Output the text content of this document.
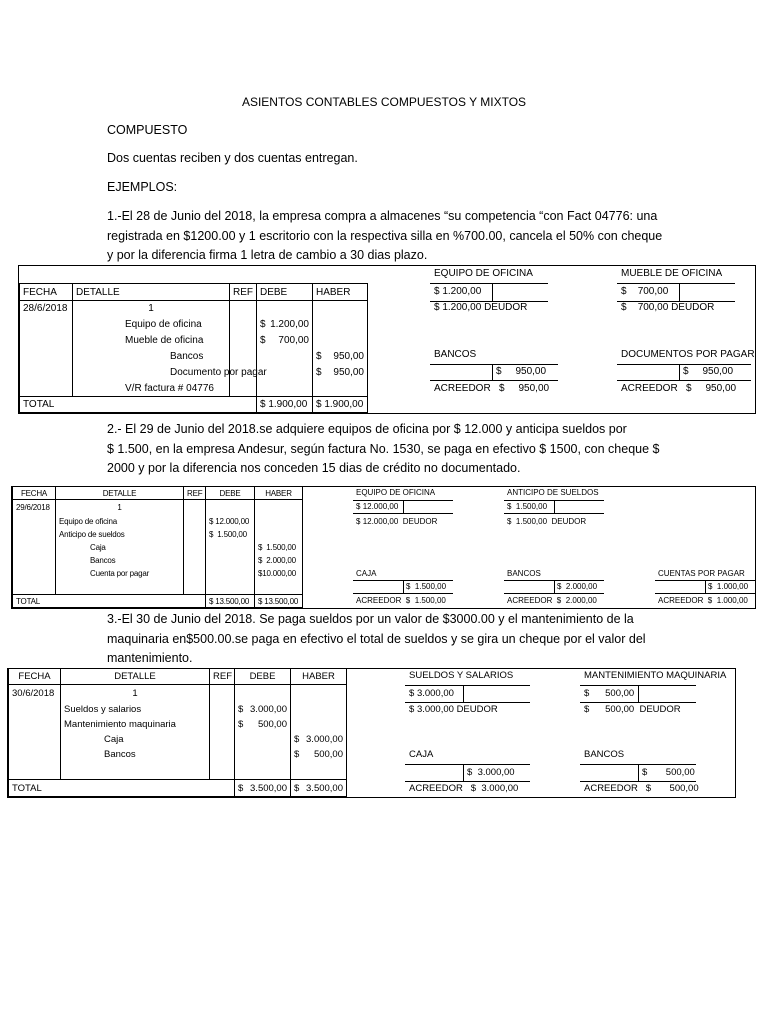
ASIENTOS CONTABLES COMPUESTOS Y MIXTOS
COMPUESTO
Dos cuentas reciben y dos cuentas entregan.
EJEMPLOS:
1.-El 28 de Junio del 2018, la empresa compra a almacenes “su competencia “con Fact 04776: una
registrada en $1200.00 y 1 escritorio con la respectiva silla en %700.00, cancela el 50% con cheque
y por la diferencia firma 1 letra de cambio a 30 dias plazo.
FECHA	DETALLE	REF	DEBE	HABER
28/6/2018	1			
	Equipo de oficina		$ 1.200,00	

	Mueble de oficina		$ 700,00	

	Bancos			$ 950,00

	Documento por pagar			$ 950,00

	V/R factura # 04776			
TOTAL			$ 1.900,00	$ 1.900,00
EQUIPO DE OFICINA
$ 1.200,00
$ 1.200,00 DEUDOR
MUEBLE DE OFICINA
$ 700,00
$ 700,00 DEUDOR
BANCOS
$ 950,00
ACREEDOR $ 950,00
DOCUMENTOS POR PAGAR
$ 950,00
ACREEDOR $ 950,00
2.- El 29 de Junio del 2018.se adquiere equipos de oficina por $ 12.000 y anticipa sueldos por
$ 1.500, en la empresa Andesur, según factura No. 1530, se paga en efectivo $ 1500, con cheque $
2000 y por la diferencia nos conceden 15 dias de crédito no documentado.
FECHA	DETALLE	REF	DEBE	HABER
29/6/2018	1			
	Equipo de oficina		$ 12.000,00	
	Anticipo de sueldos		$ 1.500,00	
	Caja			$ 1.500,00
	Bancos			$ 2.000,00
	Cuenta por pagar			$10.000,00

TOTAL			$ 13.500,00	$ 13.500,00
EQUIPO DE OFICINA
$ 12.000,00
$ 12.000,00 DEUDOR
ANTICIPO DE SUELDOS
$ 1.500,00
$ 1.500,00 DEUDOR
CAJA
$ 1.500,00
ACREEDOR $ 1.500,00
BANCOS
$ 2.000,00
ACREEDOR $ 2.000,00
CUENTAS POR PAGAR
$ 1.000,00
ACREEDOR $ 1.000,00
3.-El 30 de Junio del 2018. Se paga sueldos por un valor de $3000.00 y el mantenimiento de la
maquinaria en$500.00.se paga en efectivo el total de sueldos y se gira un cheque por el valor del
mantenimiento.
FECHA	DETALLE	REF	DEBE	HABER
30/6/2018	1			
	Sueldos y salarios		$ 3.000,00	

	Mantenimiento maquinaria		$ 500,00	

	Caja			$ 3.000,00

	Bancos			$ 500,00

TOTAL			$ 3.500,00	$ 3.500,00
SUELDOS Y SALARIOS
$ 3.000,00
$ 3.000,00 DEUDOR
MANTENIMIENTO MAQUINARIA
$ 500,00
$ 500,00 DEUDOR
CAJA
$ 3.000,00
ACREEDOR $ 3.000,00
BANCOS
$ 500,00
ACREEDOR $ 500,00
